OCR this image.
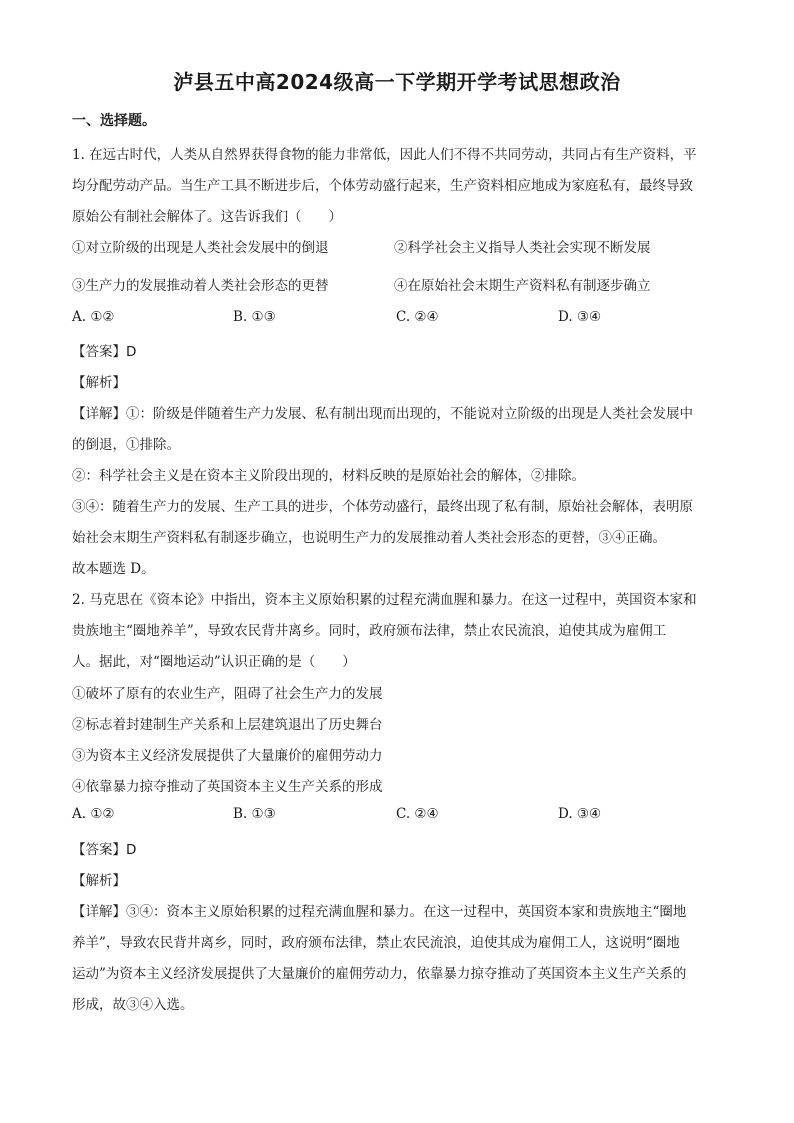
泸县五中高2024级高一下学期开学考试思想政治
一、选择题。
1. 在远古时代，人类从自然界获得食物的能力非常低，因此人们不得不共同劳动，共同占有生产资料，平
均分配劳动产品。当生产工具不断进步后，个体劳动盛行起来，生产资料相应地成为家庭私有，最终导致
原始公有制社会解体了。这告诉我们（　　）
①对立阶级的出现是人类社会发展中的倒退	②科学社会主义指导人类社会实现不断发展
③生产力的发展推动着人类社会形态的更替	④在原始社会末期生产资料私有制逐步确立
A. ①②	B. ①③	C. ②④	D. ③④
【答案】D
【解析】
【详解】①：阶级是伴随着生产力发展、私有制出现而出现的，不能说对立阶级的出现是人类社会发展中
的倒退，①排除。
②：科学社会主义是在资本主义阶段出现的，材料反映的是原始社会的解体，②排除。
③④：随着生产力的发展、生产工具的进步，个体劳动盛行，最终出现了私有制，原始社会解体，表明原
始社会末期生产资料私有制逐步确立，也说明生产力的发展推动着人类社会形态的更替，③④正确。
故本题选 D。
2. 马克思在《资本论》中指出，资本主义原始积累的过程充满血腥和暴力。在这一过程中，英国资本家和
贵族地主“圈地养羊”，导致农民背井离乡。同时，政府颁布法律，禁止农民流浪，迫使其成为雇佣工
人。据此，对“圈地运动”认识正确的是（　　）
①破坏了原有的农业生产，阻碍了社会生产力的发展
②标志着封建制生产关系和上层建筑退出了历史舞台
③为资本主义经济发展提供了大量廉价的雇佣劳动力
④依靠暴力掠夺推动了英国资本主义生产关系的形成
A. ①②	B. ①③	C. ②④	D. ③④
【答案】D
【解析】
【详解】③④：资本主义原始积累的过程充满血腥和暴力。在这一过程中，英国资本家和贵族地主“圈地
养羊”，导致农民背井离乡，同时，政府颁布法律，禁止农民流浪，迫使其成为雇佣工人，这说明“圈地
运动”为资本主义经济发展提供了大量廉价的雇佣劳动力，依靠暴力掠夺推动了英国资本主义生产关系的
形成，故③④入选。
